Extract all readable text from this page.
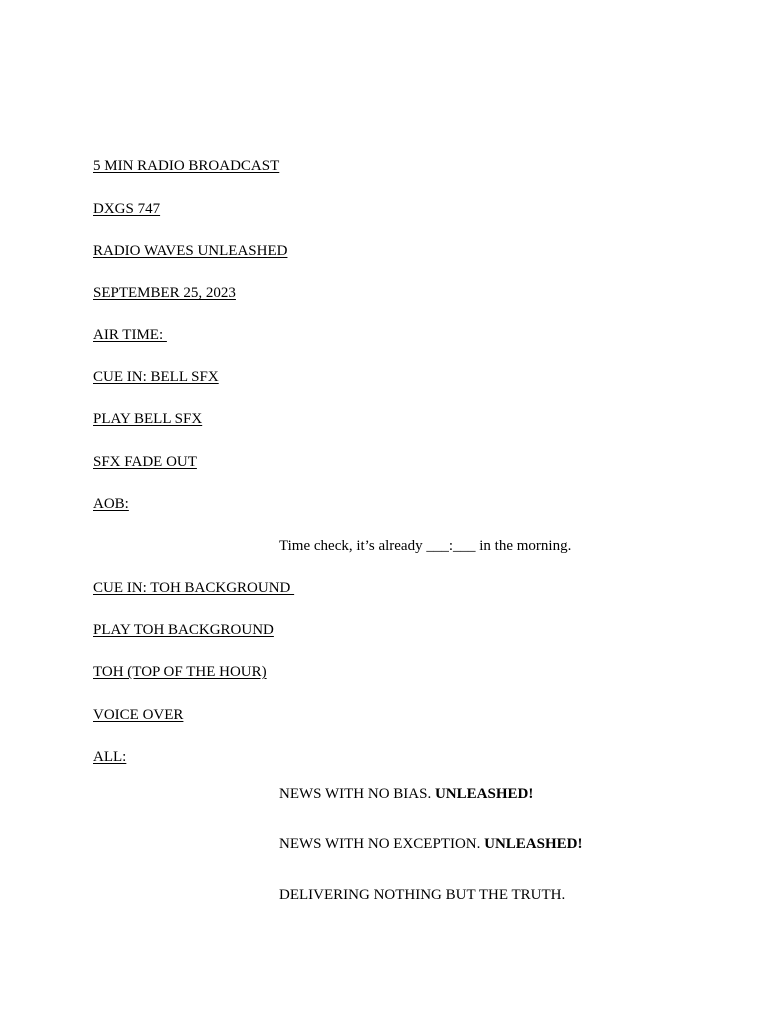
5 MIN RADIO BROADCAST
DXGS 747
RADIO WAVES UNLEASHED
SEPTEMBER 25, 2023
AIR TIME:
CUE IN: BELL SFX
PLAY BELL SFX
SFX FADE OUT
AOB:
Time check, it’s already ___:___ in the morning.
CUE IN: TOH BACKGROUND
PLAY TOH BACKGROUND
TOH (TOP OF THE HOUR)
VOICE OVER
ALL:
NEWS WITH NO BIAS. UNLEASHED!
NEWS WITH NO EXCEPTION. UNLEASHED!
DELIVERING NOTHING BUT THE TRUTH.
